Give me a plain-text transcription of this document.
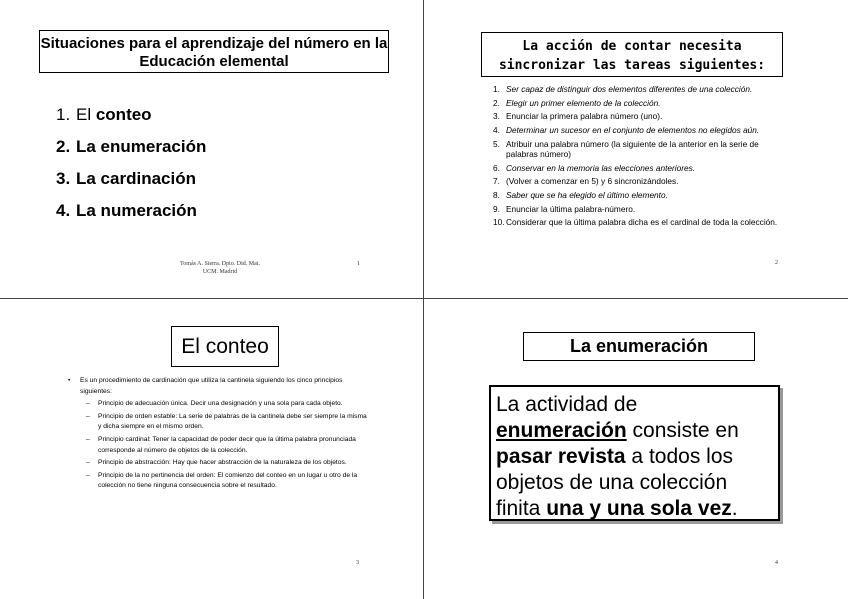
Situaciones para el aprendizaje del número en la Educación elemental
1. El conteo
2. La enumeración
3. La cardinación
4. La numeración
Tomás A. Sierra. Dpto. Did. Mat.
UCM. Madrid
1
La acción de contar necesita
sincronizar las tareas siguientes:
1. Ser capaz de distinguir dos elementos diferentes de una colección.
2. Elegir un primer elemento de la colección.
3. Enunciar la primera palabra número (uno).
4. Determinar un sucesor en el conjunto de elementos no elegidos aún.
5. Atribuir una palabra número (la siguiente de la anterior en la serie de palabras número)
6. Conservar en la memoria las elecciones anteriores.
7. (Volver a comenzar en 5) y 6 sincronizándoles.
8. Saber que se ha elegido el último elemento.
9. Enunciar la última palabra-número.
10.Considerar que la última palabra dicha es el cardinal de toda la colección.
2
El conteo
• Es un procedimiento de cardinación que utiliza la cantinela siguiendo los cinco principios siguientes:
– Principio de adecuación única. Decir una designación y una sola para cada objeto.
– Principio de orden estable: La serie de palabras de la cantinela debe ser siempre la misma y dicha siempre en el mismo orden.
– Principio cardinal: Tener la capacidad de poder decir que la última palabra pronunciada corresponde al número de objetos de la colección.
– Principio de abstracción: Hay que hacer abstracción de la naturaleza de los objetos.
– Principio de la no pertinencia del orden: El comienzo del conteo en un lugar u otro de la colección no tiene ninguna consecuencia sobre el resultado.
3
La enumeración
La actividad de enumeración consiste en pasar revista a todos los objetos de una colección finita una y una sola vez.
4
